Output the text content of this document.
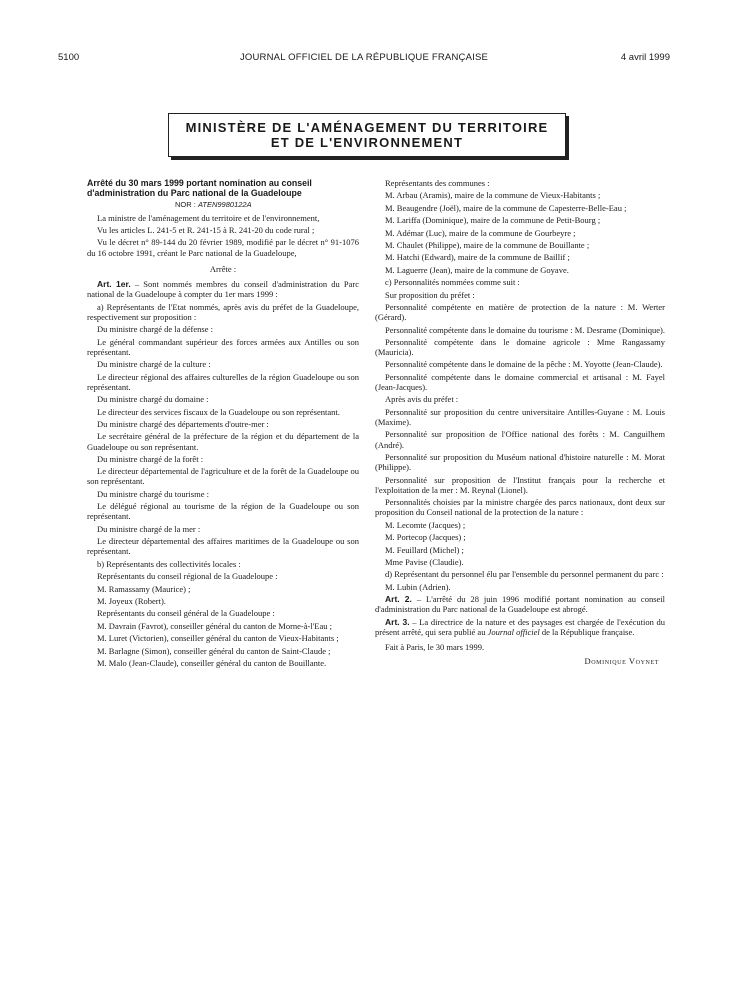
JOURNAL OFFICIEL DE LA RÉPUBLIQUE FRANÇAISE
5100	4 avril 1999
MINISTÈRE DE L'AMÉNAGEMENT DU TERRITOIRE
ET DE L'ENVIRONNEMENT

Arrêté du 30 mars 1999 portant nomination au conseil d'administration du Parc national de la Guadeloupe

NOR : ATEN9980122A

La ministre de l'aménagement du territoire et de l'environnement,

Vu les articles L. 241-5 et R. 241-15 à R. 241-20 du code rural ;

Vu le décret n° 89-144 du 20 février 1989, modifié par le décret n° 91-1076 du 16 octobre 1991, créant le Parc national de la Guadeloupe,

Arrête :

Art. 1er. – Sont nommés membres du conseil d'administration du Parc national de la Guadeloupe à compter du 1er mars 1999 :

a) Représentants de l'Etat nommés, après avis du préfet de la Guadeloupe, respectivement sur proposition :

Du ministre chargé de la défense :

Le général commandant supérieur des forces armées aux Antilles ou son représentant.

Du ministre chargé de la culture :

Le directeur régional des affaires culturelles de la région Guadeloupe ou son représentant.

Du ministre chargé du domaine :

Le directeur des services fiscaux de la Guadeloupe ou son représentant.

Du ministre chargé des départements d'outre-mer :

Le secrétaire général de la préfecture de la région et du département de la Guadeloupe ou son représentant.

Du ministre chargé de la forêt :

Le directeur départemental de l'agriculture et de la forêt de la Guadeloupe ou son représentant.

Du ministre chargé du tourisme :

Le délégué régional au tourisme de la région de la Guadeloupe ou son représentant.

Du ministre chargé de la mer :

Le directeur départemental des affaires maritimes de la Guadeloupe ou son représentant.

b) Représentants des collectivités locales :

Représentants du conseil régional de la Guadeloupe :

M. Ramassamy (Maurice) ;

M. Joyeux (Robert).

Représentants du conseil général de la Guadeloupe :

M. Davrain (Favrot), conseiller général du canton de Morne-à-l'Eau ;

M. Luret (Victorien), conseiller général du canton de Vieux-Habitants ;

M. Barlagne (Simon), conseiller général du canton de Saint-Claude ;

M. Malo (Jean-Claude), conseiller général du canton de Bouillante.

Représentants des communes :

M. Arbau (Aramis), maire de la commune de Vieux-Habitants ;

M. Beaugendre (Joël), maire de la commune de Capesterre-Belle-Eau ;

M. Lariffa (Dominique), maire de la commune de Petit-Bourg ;

M. Adémar (Luc), maire de la commune de Gourbeyre ;

M. Chaulet (Philippe), maire de la commune de Bouillante ;

M. Hatchi (Edward), maire de la commune de Baillif ;

M. Laguerre (Jean), maire de la commune de Goyave.

c) Personnalités nommées comme suit :

Sur proposition du préfet :

Personnalité compétente en matière de protection de la nature : M. Werter (Gérard).

Personnalité compétente dans le domaine du tourisme : M. Desrame (Dominique).

Personnalité compétente dans le domaine agricole : Mme Rangassamy (Mauricia).

Personnalité compétente dans le domaine de la pêche : M. Yoyotte (Jean-Claude).

Personnalité compétente dans le domaine commercial et artisanal : M. Fayel (Jean-Jacques).

Après avis du préfet :

Personnalité sur proposition du centre universitaire Antilles-Guyane : M. Louis (Maxime).

Personnalité sur proposition de l'Office national des forêts : M. Canguilhem (André).

Personnalité sur proposition du Muséum national d'histoire naturelle : M. Morat (Philippe).

Personnalité sur proposition de l'Institut français pour la recherche et l'exploitation de la mer : M. Reynal (Lionel).

Personnalités choisies par la ministre chargée des parcs nationaux, dont deux sur proposition du Conseil national de la protection de la nature :

M. Lecomte (Jacques) ;

M. Portecop (Jacques) ;

M. Feuillard (Michel) ;

Mme Pavise (Claudie).

d) Représentant du personnel élu par l'ensemble du personnel permanent du parc :

M. Lubin (Adrien).

Art. 2. – L'arrêté du 28 juin 1996 modifié portant nomination au conseil d'administration du Parc national de la Guadeloupe est abrogé.

Art. 3. – La directrice de la nature et des paysages est chargée de l'exécution du présent arrêté, qui sera publié au Journal officiel de la République française.

Fait à Paris, le 30 mars 1999.

Dominique Voynet
